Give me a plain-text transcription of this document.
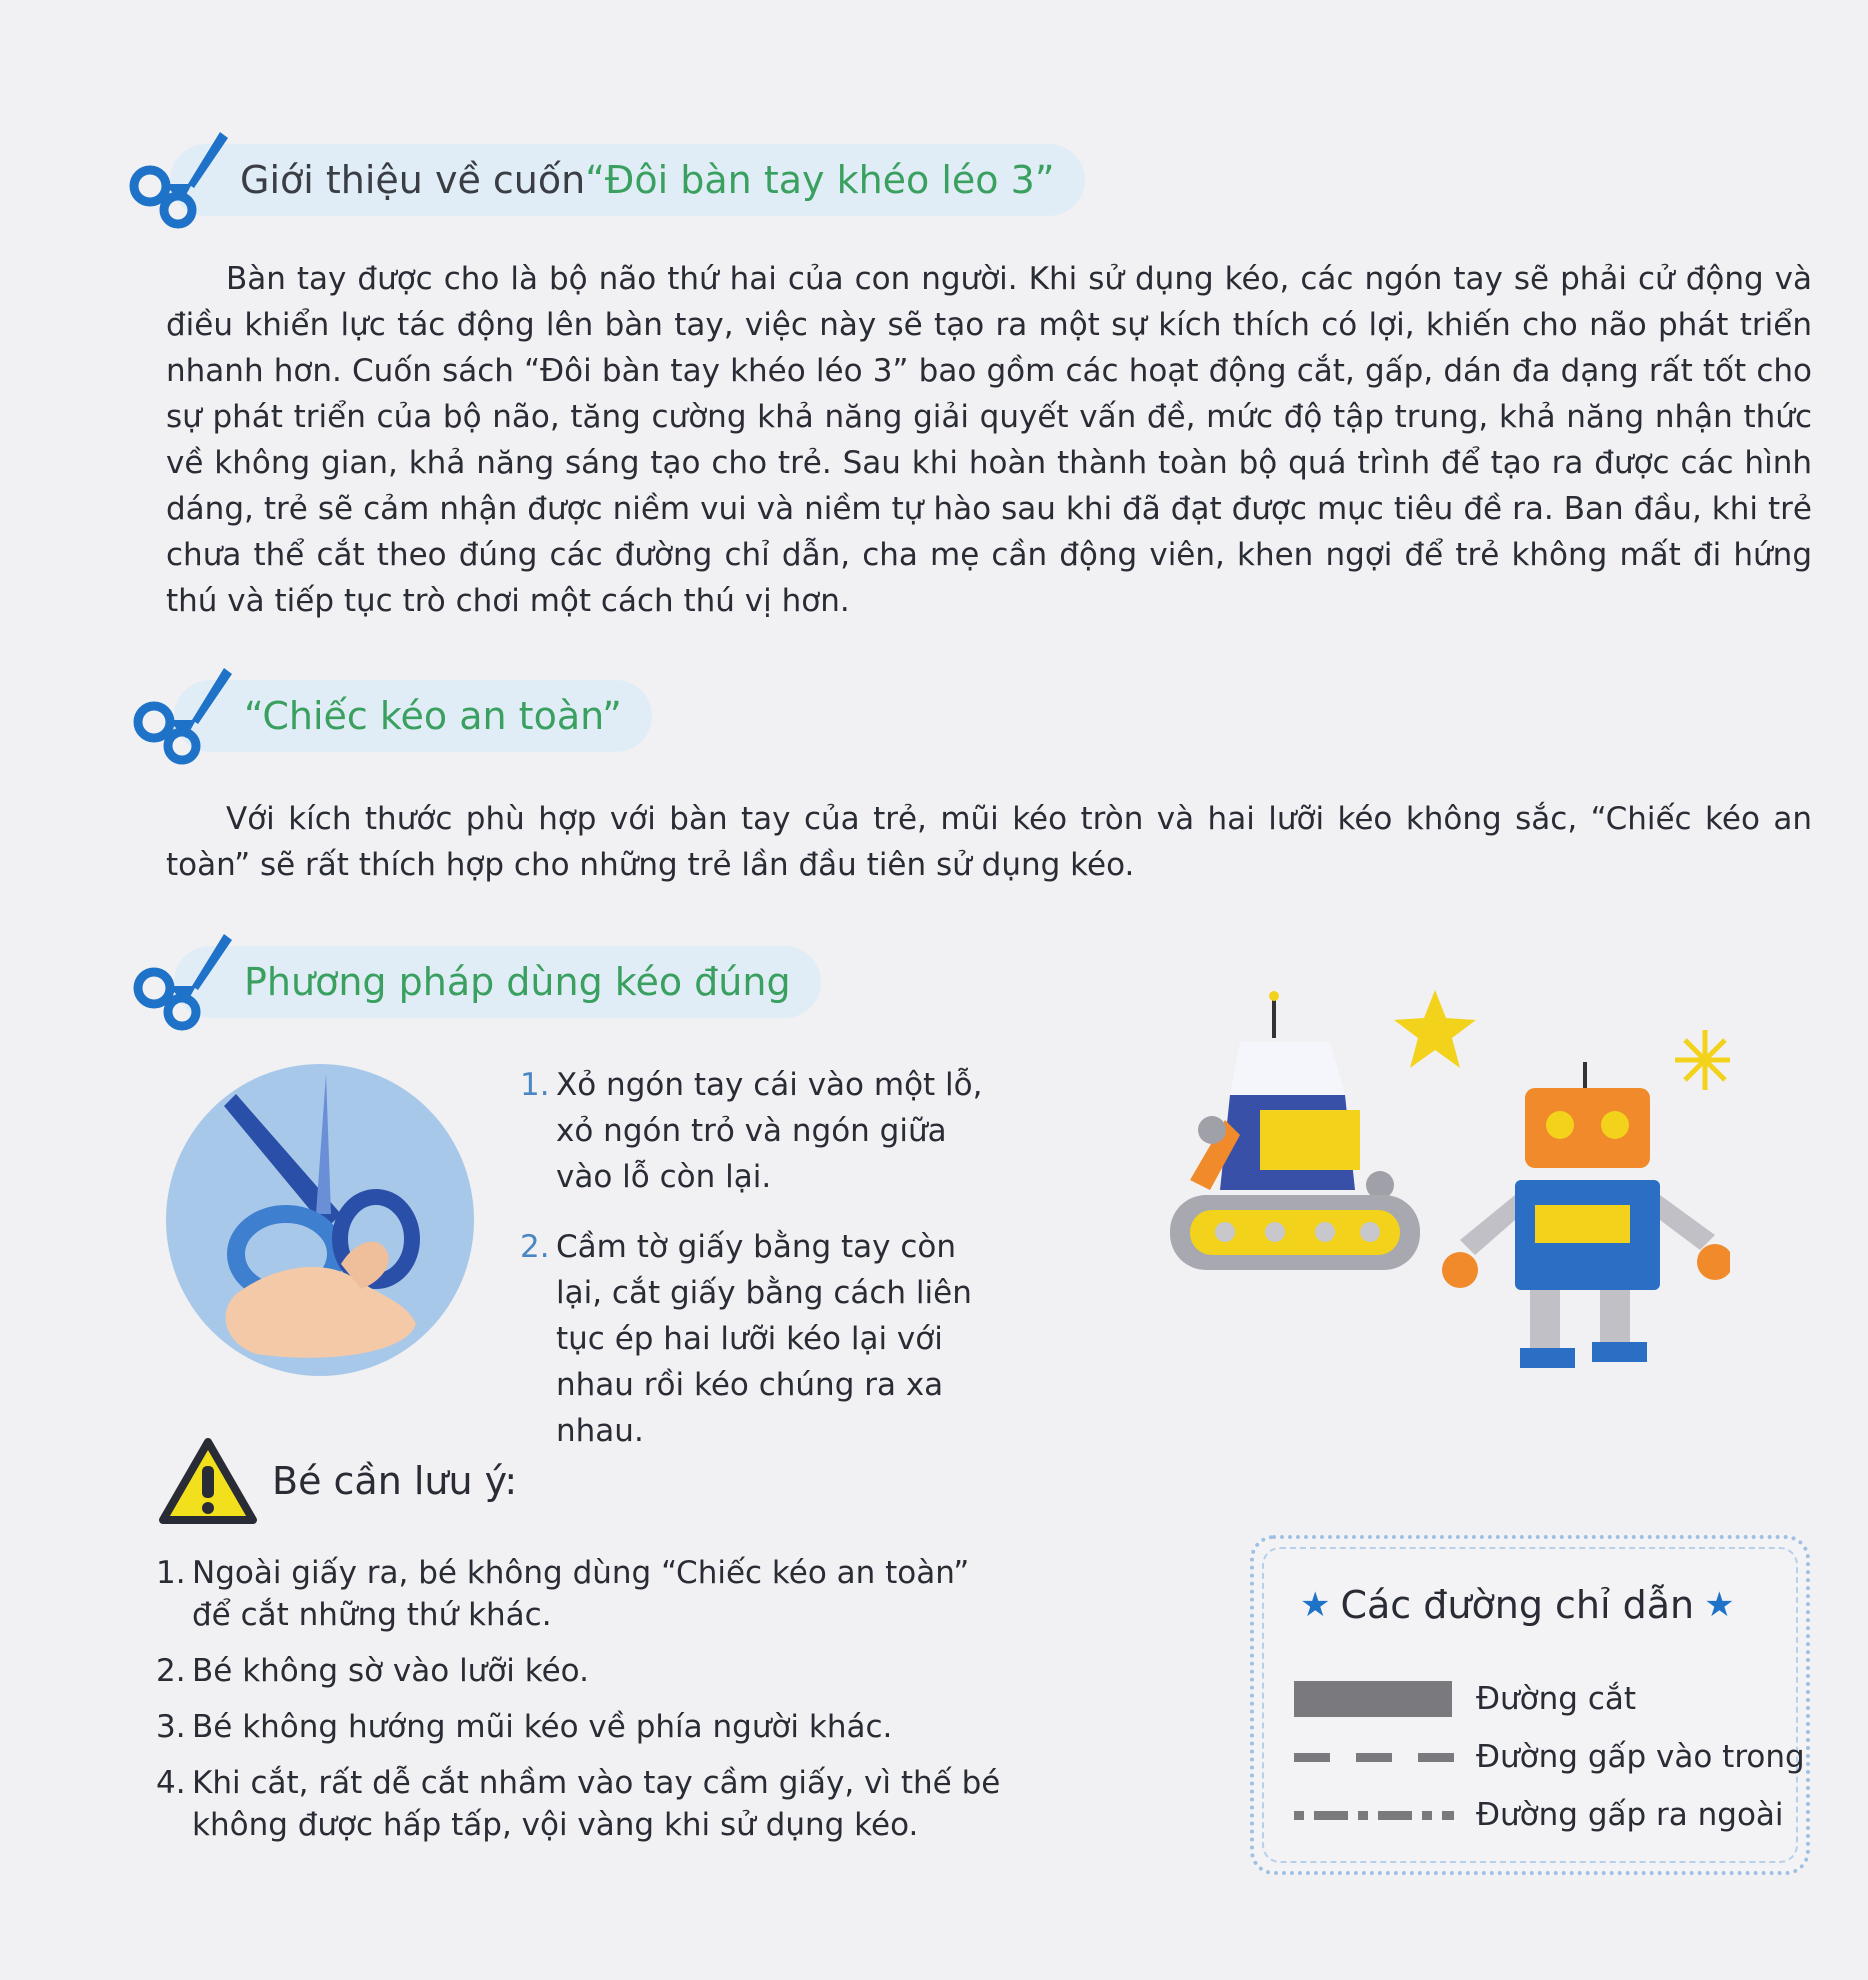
Giới thiệu về cuốn “Đôi bàn tay khéo léo 3”

Bàn tay được cho là bộ não thứ hai của con người. Khi sử dụng kéo, các ngón tay sẽ phải cử động và điều khiển lực tác động lên bàn tay, việc này sẽ tạo ra một sự kích thích có lợi, khiến cho não phát triển nhanh hơn. Cuốn sách “Đôi bàn tay khéo léo 3” bao gồm các hoạt động cắt, gấp, dán đa dạng rất tốt cho sự phát triển của bộ não, tăng cường khả năng giải quyết vấn đề, mức độ tập trung, khả năng nhận thức về không gian, khả năng sáng tạo cho trẻ. Sau khi hoàn thành toàn bộ quá trình để tạo ra được các hình dáng, trẻ sẽ cảm nhận được niềm vui và niềm tự hào sau khi đã đạt được mục tiêu đề ra. Ban đầu, khi trẻ chưa thể cắt theo đúng các đường chỉ dẫn, cha mẹ cần động viên, khen ngợi để trẻ không mất đi hứng thú và tiếp tục trò chơi một cách thú vị hơn.

“Chiếc kéo an toàn”

Với kích thước phù hợp với bàn tay của trẻ, mũi kéo tròn và hai lưỡi kéo không sắc, “Chiếc kéo an toàn” sẽ rất thích hợp cho những trẻ lần đầu tiên sử dụng kéo.

Phương pháp dùng kéo đúng
1. Xỏ ngón tay cái vào một lỗ, xỏ ngón trỏ và ngón giữa vào lỗ còn lại.
2. Cầm tờ giấy bằng tay còn lại, cắt giấy bằng cách liên tục ép hai lưỡi kéo lại với nhau rồi kéo chúng ra xa nhau.
Bé cần lưu ý:
1. Ngoài giấy ra, bé không dùng “Chiếc kéo an toàn” để cắt những thứ khác.
2. Bé không sờ vào lưỡi kéo.
3. Bé không hướng mũi kéo về phía người khác.
4. Khi cắt, rất dễ cắt nhầm vào tay cầm giấy, vì thế bé không được hấp tấp, vội vàng khi sử dụng kéo.
★ Các đường chỉ dẫn ★
Đường cắt
Đường gấp vào trong
Đường gấp ra ngoài
